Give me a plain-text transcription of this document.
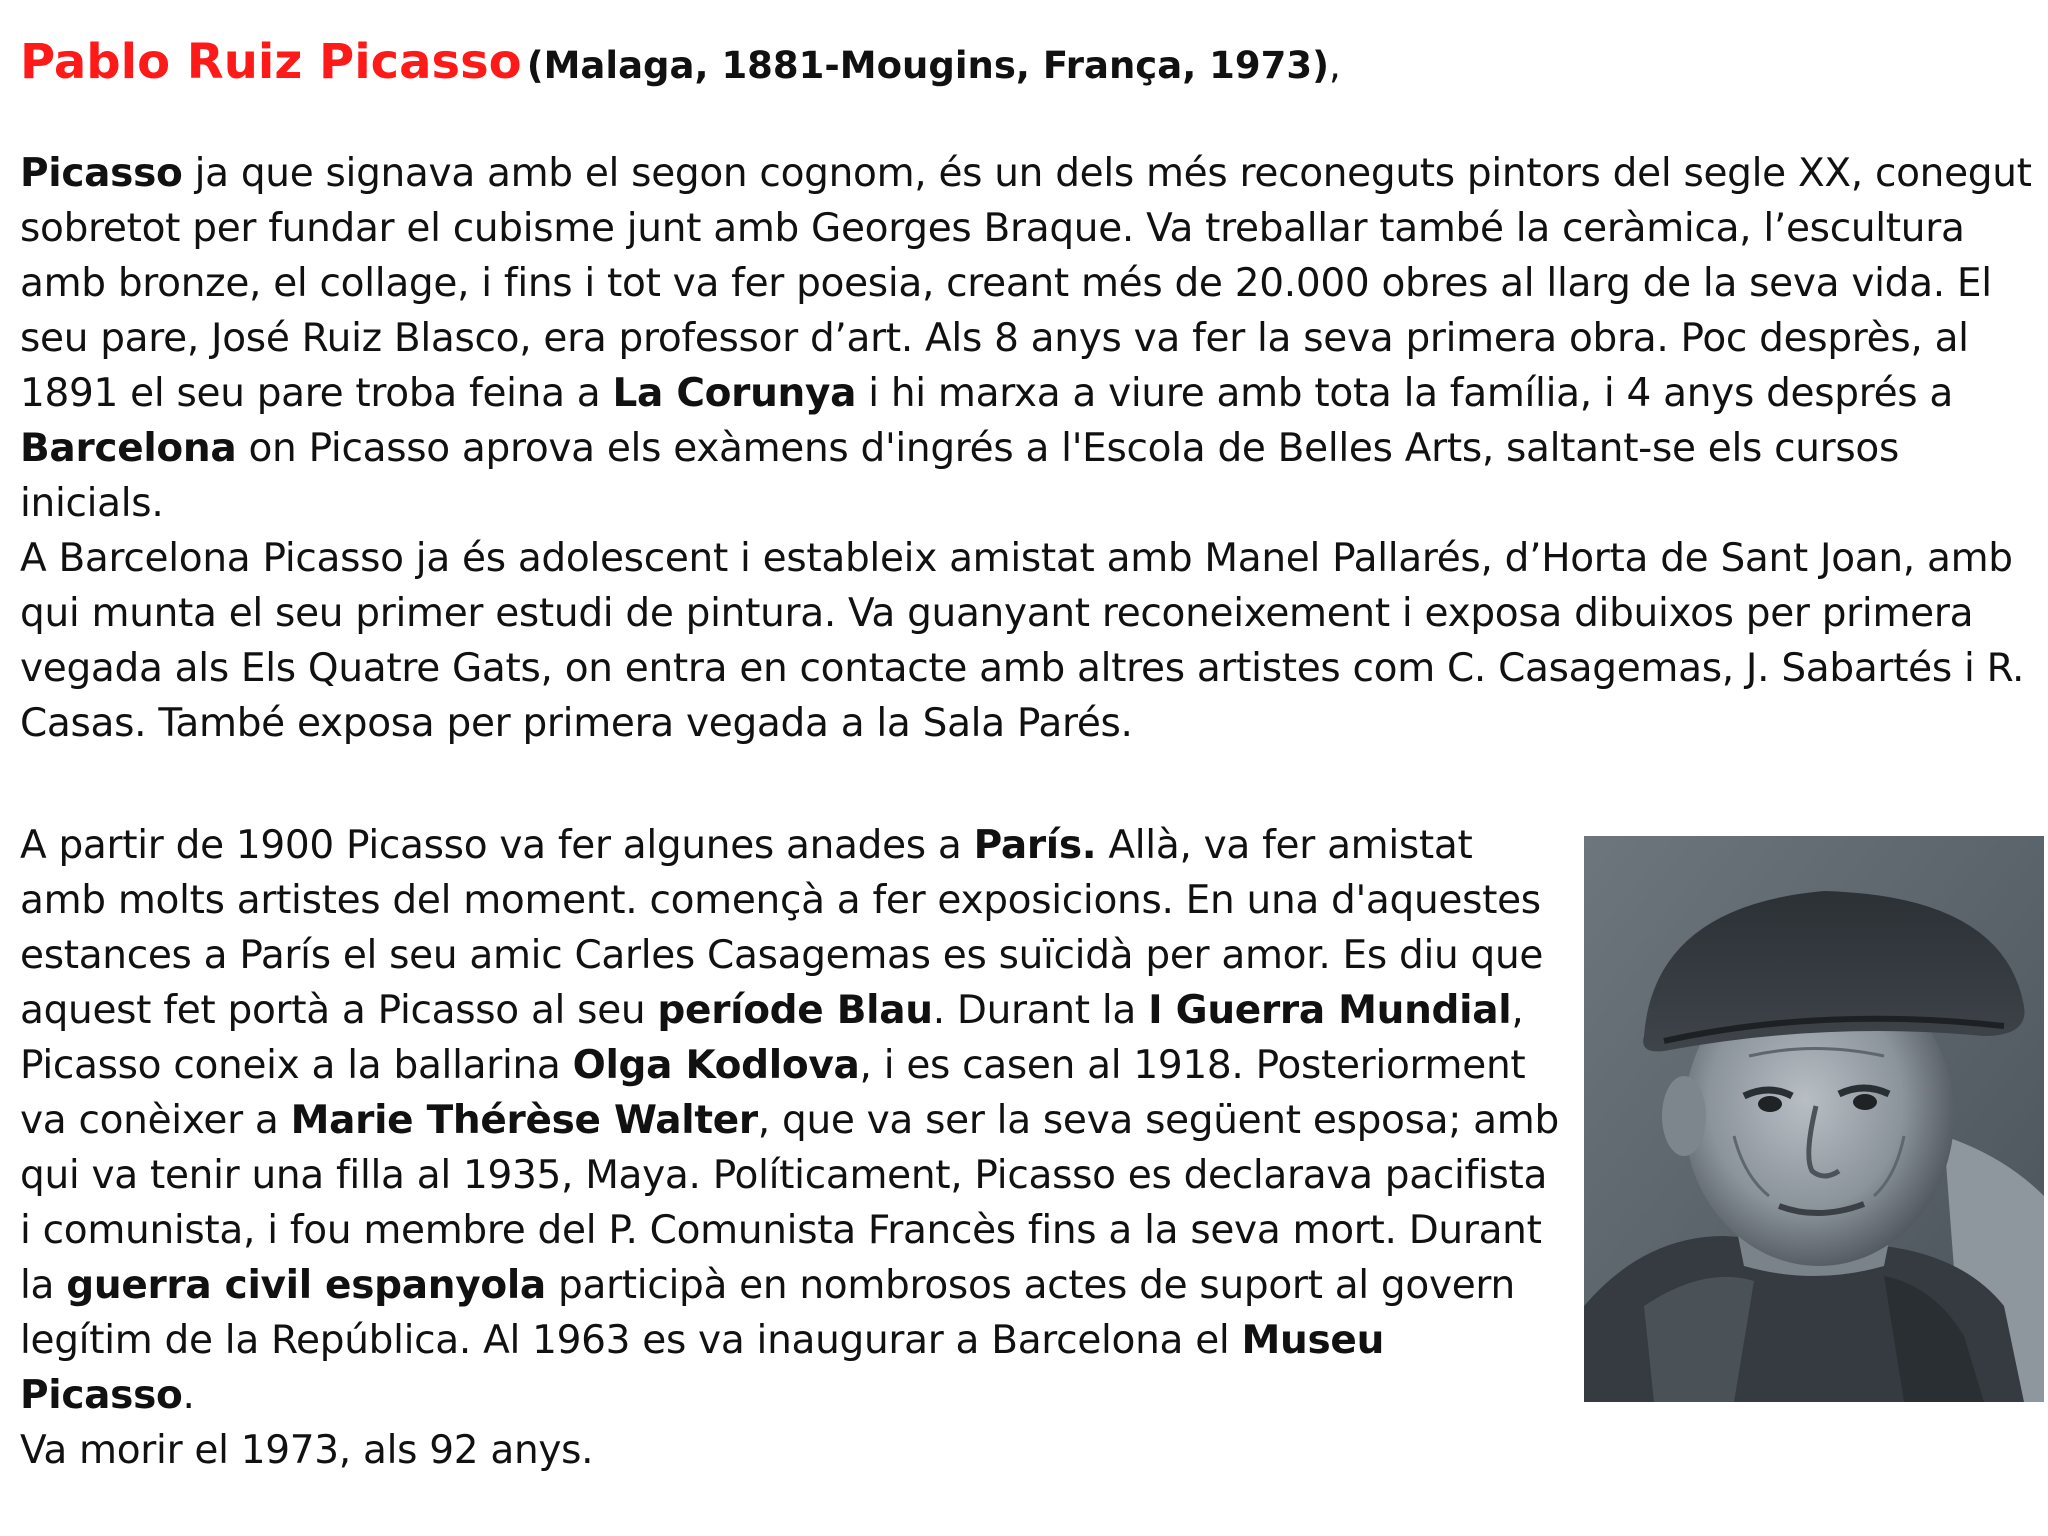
Pablo Ruiz Picasso (Malaga, 1881-Mougins, França, 1973),

Picasso ja que signava amb el segon cognom, és un dels més reconeguts pintors del segle XX, conegut sobretot per fundar el cubisme junt amb Georges Braque. Va treballar també la ceràmica, l’escultura amb bronze, el collage, i fins i tot va fer poesia, creant més de 20.000 obres al llarg de la seva vida. El seu pare, José Ruiz Blasco, era professor d’art. Als 8 anys va fer la seva primera obra. Poc desprès, al 1891 el seu pare troba feina a La Corunya i hi marxa a viure amb tota la família, i 4 anys després a Barcelona on Picasso aprova els exàmens d'ingrés a l'Escola de Belles Arts, saltant-se els cursos inicials.
A Barcelona Picasso ja és adolescent i estableix amistat amb Manel Pallarés, d’Horta de Sant Joan, amb qui munta el seu primer estudi de pintura. Va guanyant reconeixement i exposa dibuixos per primera vegada als Els Quatre Gats, on entra en contacte amb altres artistes com C. Casagemas, J. Sabartés i R. Casas. També exposa per primera vegada a la Sala Parés.

A partir de 1900 Picasso va fer algunes anades a París. Allà, va fer amistat amb molts artistes del moment. començà a fer exposicions. En una d'aquestes estances a París el seu amic Carles Casagemas es suïcidà per amor. Es diu que aquest fet portà a Picasso al seu període Blau. Durant la I Guerra Mundial, Picasso coneix a la ballarina Olga Kodlova, i es casen al 1918. Posteriorment va conèixer a Marie Thérèse Walter, que va ser la seva següent esposa; amb qui va tenir una filla al 1935, Maya. Políticament, Picasso es declarava pacifista i comunista, i fou membre del P. Comunista Francès fins a la seva mort. Durant la guerra civil espanyola participà en nombrosos actes de suport al govern legítim de la República. Al 1963 es va inaugurar a Barcelona el Museu Picasso.
Va morir el 1973, als 92 anys.
